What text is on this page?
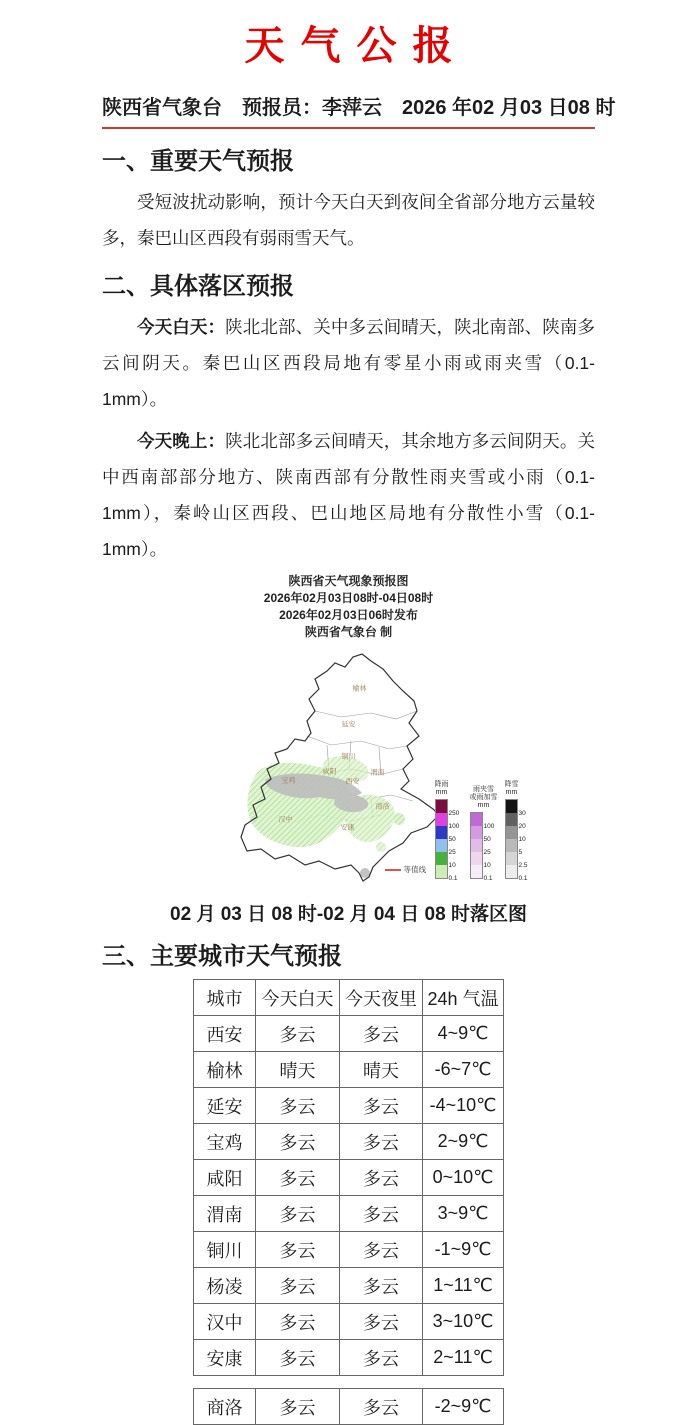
天气公报
陕西省气象台　预报员：李萍云　2026 年02 月03 日08 时
一、重要天气预报

受短波扰动影响，预计今天白天到夜间全省部分地方云量较多，秦巴山区西段有弱雨雪天气。

二、具体落区预报

今天白天：陕北北部、关中多云间晴天，陕北南部、陕南多云间阴天。秦巴山区西段局地有零星小雨或雨夹雪（0.1-1mm）。

今天晚上：陕北北部多云间晴天，其余地方多云间阴天。关中西南部部分地方、陕南西部有分散性雨夹雪或小雨（0.1-1mm），秦岭山区西段、巴山地区局地有分散性小雪（0.1-1mm）。

陕西省天气现象预报图
2026年02月03日08时-04日08时
2026年02月03日06时发布
陕西省气象台 制
榆林
延安
铜川
渭南
西安
咸阳
宝鸡
汉中
安康
商洛
降雨
mm
0.1
10
25
50
100
250
雨夹雪
或雨加雪
mm
0.1
10
25
50
100
降雪
mm
0.1
2.5
5
10
20
30
等值线
02 月 03 日 08 时-02 月 04 日 08 时落区图
三、主要城市天气预报
城市	今天白天	今天夜里	24h 气温
西安	多云	多云	4~9℃
榆林	晴天	晴天	-6~7℃
延安	多云	多云	-4~10℃
宝鸡	多云	多云	2~9℃
咸阳	多云	多云	0~10℃
渭南	多云	多云	3~9℃
铜川	多云	多云	-1~9℃
杨凌	多云	多云	1~11℃
汉中	多云	多云	3~10℃
安康	多云	多云	2~11℃
商洛	多云	多云	-2~9℃
